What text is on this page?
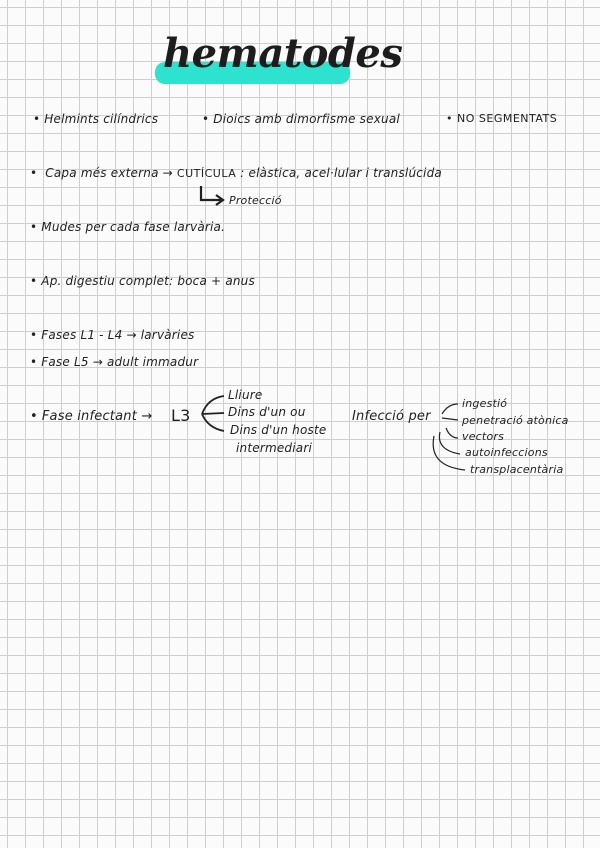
hematodes
• Helmints cilíndrics	• Dioics amb dimorfisme sexual	• NO SEGMENTATS
• Capa més externa → CUTÍCULA : elàstica, acel·lular i translúcida
Protecció
• Mudes per cada fase larvària.
• Ap. digestiu complet: boca + anus
• Fases L1 - L4 → larvàries
• Fase L5 → adult immadur
• Fase infectant → L3
Lliure
Dins d'un ou
Dins d'un hoste
intermediari
Infecció per
ingestió
penetració atònica
vectors
autoinfeccions
transplacentària
